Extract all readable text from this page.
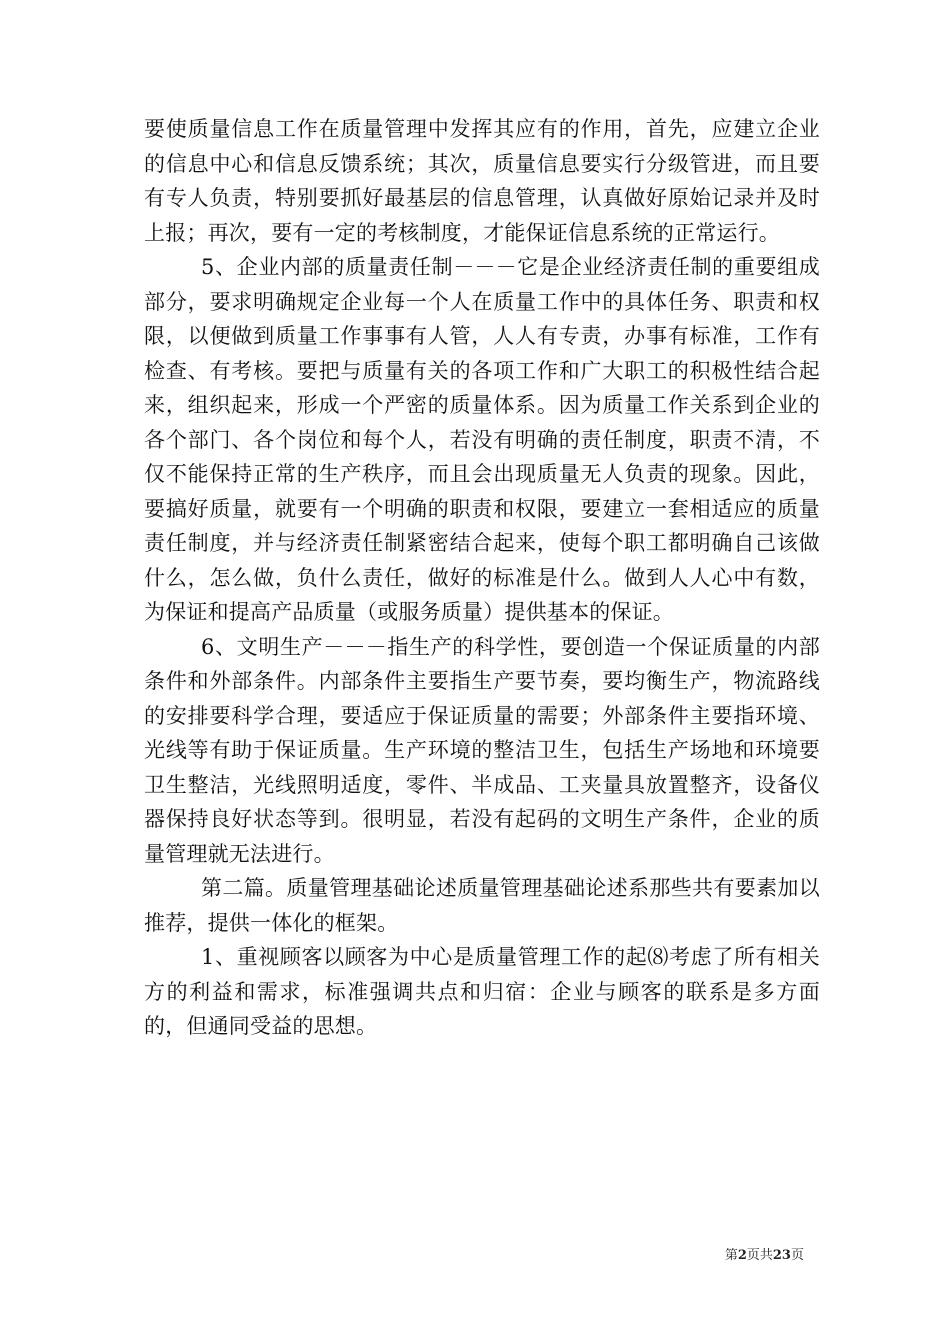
要使质量信息工作在质量管理中发挥其应有的作用，首先，应建立企业的信息中心和信息反馈系统；其次，质量信息要实行分级管进，而且要有专人负责，特别要抓好最基层的信息管理，认真做好原始记录并及时上报；再次，要有一定的考核制度，才能保证信息系统的正常运行。

5、企业内部的质量责任制－－－它是企业经济责任制的重要组成部分，要求明确规定企业每一个人在质量工作中的具体任务、职责和权限，以便做到质量工作事事有人管，人人有专责，办事有标准，工作有检查、有考核。要把与质量有关的各项工作和广大职工的积极性结合起来，组织起来，形成一个严密的质量体系。因为质量工作关系到企业的各个部门、各个岗位和每个人，若没有明确的责任制度，职责不清，不仅不能保持正常的生产秩序，而且会出现质量无人负责的现象。因此，要搞好质量，就要有一个明确的职责和权限，要建立一套相适应的质量责任制度，并与经济责任制紧密结合起来，使每个职工都明确自己该做什么，怎么做，负什么责任，做好的标准是什么。做到人人心中有数，为保证和提高产品质量（或服务质量）提供基本的保证。

6、文明生产－－－指生产的科学性，要创造一个保证质量的内部条件和外部条件。内部条件主要指生产要节奏，要均衡生产，物流路线的安排要科学合理，要适应于保证质量的需要；外部条件主要指环境、光线等有助于保证质量。生产环境的整洁卫生，包括生产场地和环境要卫生整洁，光线照明适度，零件、半成品、工夹量具放置整齐，设备仪器保持良好状态等到。很明显，若没有起码的文明生产条件，企业的质量管理就无法进行。

第二篇。质量管理基础论述质量管理基础论述系那些共有要素加以推荐，提供一体化的框架。

1、重视顾客以顾客为中心是质量管理工作的起⑻考虑了所有相关方的利益和需求，标准强调共点和归宿：企业与顾客的联系是多方面的，但通同受益的思想。

第2页共23页
